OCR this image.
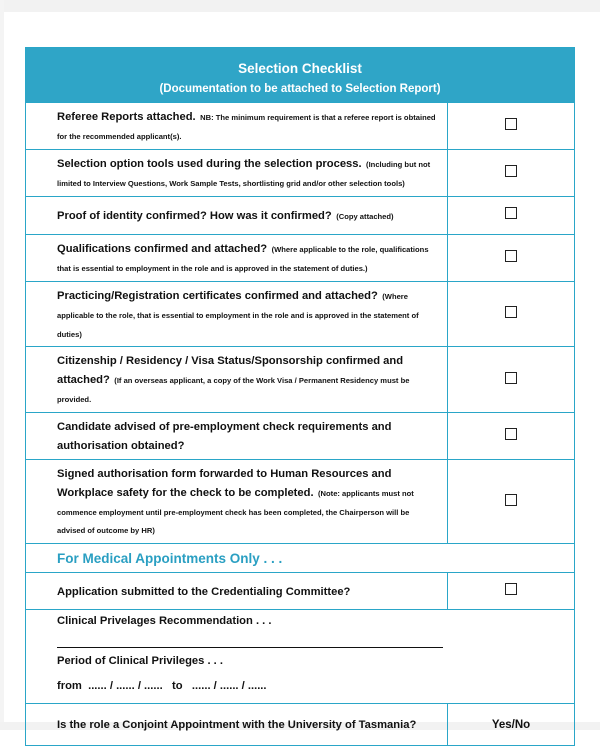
Selection Checklist
(Documentation to be attached to Selection Report)	

Referee Reports attached. NB: The minimum requirement is that a referee report is obtained for the recommended applicant(s).	
Selection option tools used during the selection process. (Including but not limited to Interview Questions, Work Sample Tests, shortlisting grid and/or other selection tools)	
Proof of identity confirmed? How was it confirmed? (Copy attached)	
Qualifications confirmed and attached? (Where applicable to the role, qualifications that is essential to employment in the role and is approved in the statement of duties.)	
Practicing/Registration certificates confirmed and attached? (Where applicable to the role, that is essential to employment in the role and is approved in the statement of duties)	
Citizenship / Residency / Visa Status/Sponsorship confirmed and attached? (If an overseas applicant, a copy of the Work Visa / Permanent Residency must be provided.	
Candidate advised of pre-employment check requirements and authorisation obtained?	
Signed authorisation form forwarded to Human Resources and Workplace safety for the check to be completed. (Note: applicants must not commence employment until pre-employment check has been completed, the Chairperson will be advised of outcome by HR)	

For Medical Appointments Only . . .	

Application submitted to the Credentialing Committee?	

Clinical Privelages Recommendation . . .
Period of Clinical Privileges . . .
from ...... / ...... / ...... to ...... / ...... / ......	

Is the role a Conjoint Appointment with the University of Tasmania?	Yes/No
